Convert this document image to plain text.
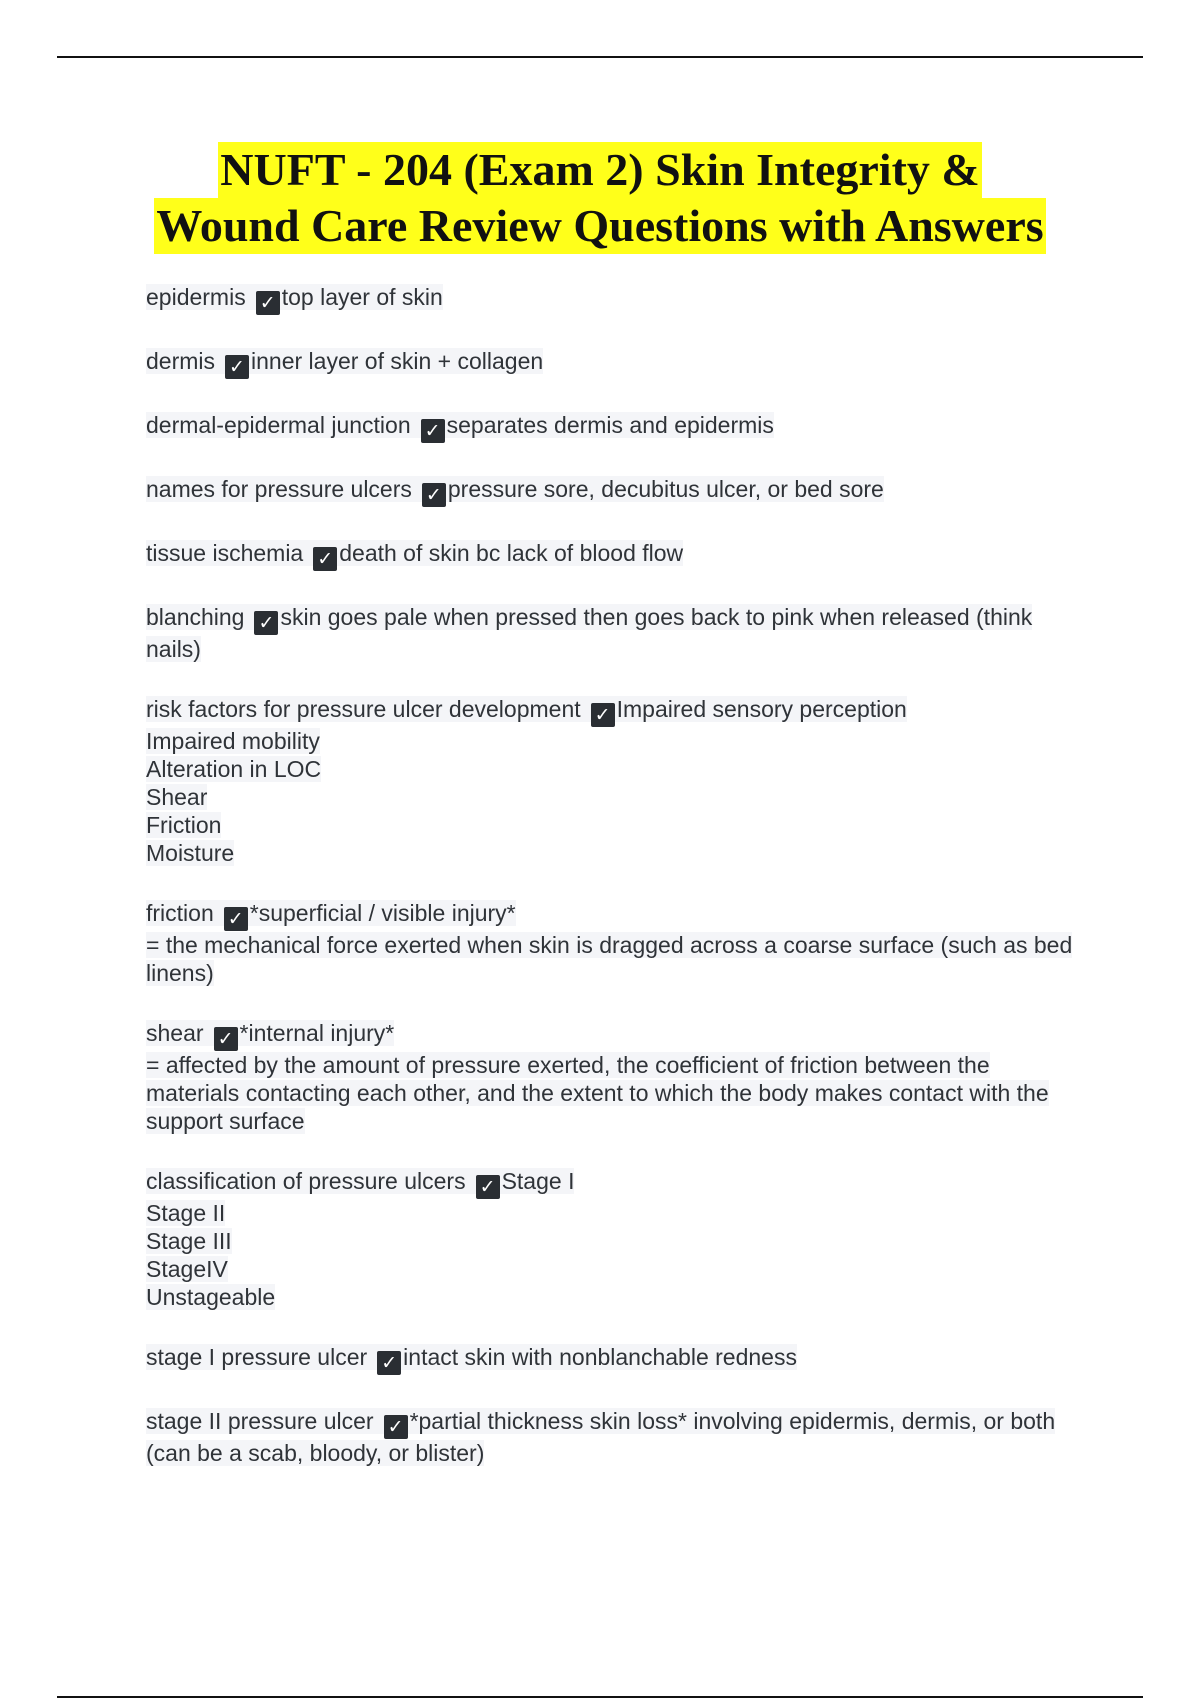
NUFT - 204 (Exam 2) Skin Integrity &
Wound Care Review Questions with Answers
epidermis ✓ top layer of skin
dermis ✓ inner layer of skin + collagen
dermal-epidermal junction ✓ separates dermis and epidermis
names for pressure ulcers ✓ pressure sore, decubitus ulcer, or bed sore
tissue ischemia ✓ death of skin bc lack of blood flow
blanching ✓ skin goes pale when pressed then goes back to pink when released (think nails)
risk factors for pressure ulcer development ✓ Impaired sensory perception
Impaired mobility
Alteration in LOC
Shear
Friction
Moisture
friction ✓ *superficial / visible injury*
= the mechanical force exerted when skin is dragged across a coarse surface (such as bed linens)
shear ✓ *internal injury*
= affected by the amount of pressure exerted, the coefficient of friction between the materials contacting each other, and the extent to which the body makes contact with the support surface
classification of pressure ulcers ✓ Stage I
Stage II
Stage III
StageIV
Unstageable
stage I pressure ulcer ✓ intact skin with nonblanchable redness
stage II pressure ulcer ✓ *partial thickness skin loss* involving epidermis, dermis, or both (can be a scab, bloody, or blister)
